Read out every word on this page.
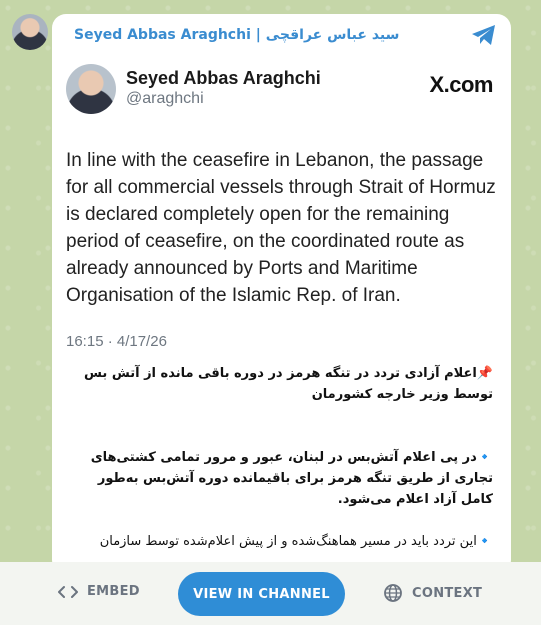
Seyed Abbas Araghchi | سید عباس عراقچی
Seyed Abbas Araghchi
@araghchi
X.com
In line with the ceasefire in Lebanon, the passage for all commercial vessels through Strait of Hormuz is declared completely open for the remaining period of ceasefire, on the coordinated route as already announced by Ports and Maritime Organisation of the Islamic Rep. of Iran.
16:15 · 4/17/26
📌اعلام آزادی تردد در تنگه هرمز در دوره باقی مانده از آتش بس توسط وزیر خارجه کشورمان
🔹در پی اعلام آتش‌بس در لبنان، عبور و مرور تمامی کشتی‌های تجاری از طریق تنگه هرمز برای باقیمانده دوره آتش‌بس به‌طور کامل آزاد اعلام می‌شود.
🔹این تردد باید در مسیر هماهنگ‌شده و از پیش اعلام‌شده توسط سازمان
EMBED	VIEW IN CHANNEL	CONTEXT
